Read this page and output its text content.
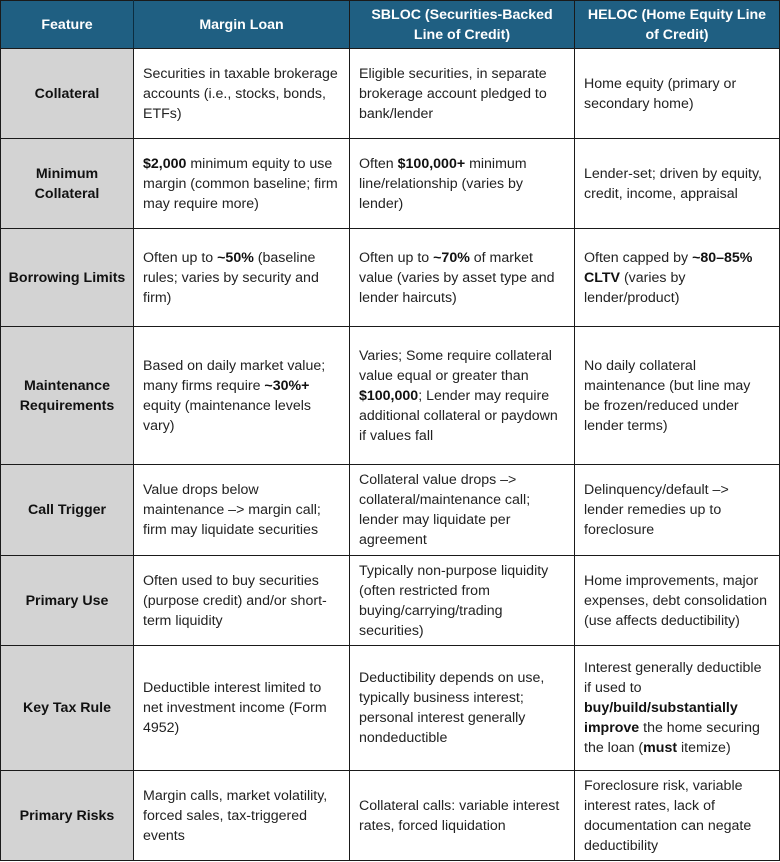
Feature	Margin Loan	SBLOC (Securities-Backed Line of Credit)	HELOC (Home Equity Line of Credit)
Collateral	Securities in taxable brokerage accounts (i.e., stocks, bonds, ETFs)	Eligible securities, in separate brokerage account pledged to bank/lender	Home equity (primary or secondary home)
Minimum Collateral	$2,000 minimum equity to use margin (common baseline; firm may require more)	Often $100,000+ minimum line/relationship (varies by lender)	Lender-set; driven by equity, credit, income, appraisal
Borrowing Limits	Often up to ~50% (baseline rules; varies by security and firm)	Often up to ~70% of market value (varies by asset type and lender haircuts)	Often capped by ~80–85% CLTV (varies by lender/product)
Maintenance Requirements	Based on daily market value; many firms require ~30%+ equity (maintenance levels vary)	Varies; Some require collateral value equal or greater than $100,000; Lender may require additional collateral or paydown if values fall	No daily collateral maintenance (but line may be frozen/reduced under lender terms)
Call Trigger	Value drops below maintenance –> margin call; firm may liquidate securities	Collateral value drops –> collateral/maintenance call; lender may liquidate per agreement	Delinquency/default –> lender remedies up to foreclosure
Primary Use	Often used to buy securities (purpose credit) and/or short-term liquidity	Typically non-purpose liquidity (often restricted from buying/carrying/trading securities)	Home improvements, major expenses, debt consolidation (use affects deductibility)
Key Tax Rule	Deductible interest limited to net investment income (Form 4952)	Deductibility depends on use, typically business interest; personal interest generally nondeductible	Interest generally deductible if used to buy/build/substantially improve the home securing the loan (must itemize)
Primary Risks	Margin calls, market volatility, forced sales, tax-triggered events	Collateral calls: variable interest rates, forced liquidation	Foreclosure risk, variable interest rates, lack of documentation can negate deductibility
